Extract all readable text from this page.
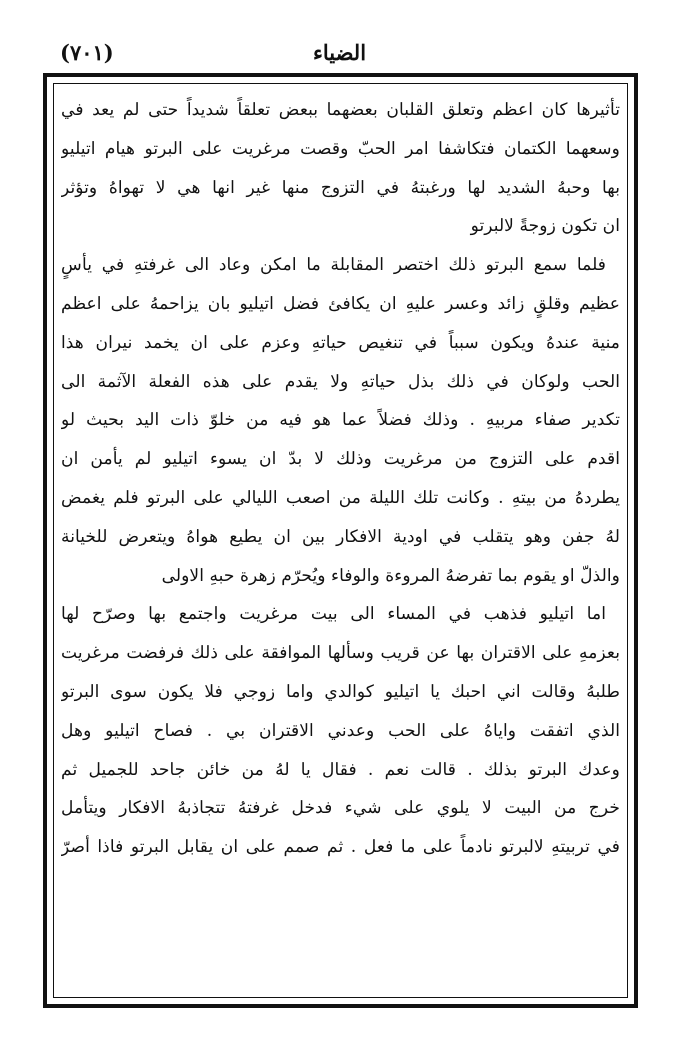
الضياء
(٧٠١)
تأثيرها كان اعظم وتعلق القلبان بعضهما ببعض تعلقاً شديداً حتى لم يعد في
وسعهما الكتمان فتكاشفا امر الحبّ وقصت مرغريت على البرتو هيام اتيليو
بها وحبهُ الشديد لها ورغبتهُ في التزوج منها غير انها هي لا تهواهُ وتؤثر
ان تكون زوجةً لالبرتو
فلما سمع البرتو ذلك اختصر المقابلة ما امكن وعاد الى غرفتهِ في يأسٍ
عظيم وقلقٍ زائد وعسر عليهِ ان يكافئ فضل اتيليو بان يزاحمهُ على اعظم
منية عندهُ ويكون سبباً في تنغيص حياتهِ وعزم على ان يخمد نيران هذا
الحب ولوكان في ذلك بذل حياتهِ ولا يقدم على هذه الفعلة الآثمة الى
تكدير صفاء مربيهِ . وذلك فضلاً عما هو فيه من خلوّ ذات اليد بحيث لو
اقدم على التزوج من مرغريت وذلك لا بدّ ان يسوء اتيليو لم يأمن ان
يطردهُ من بيتهِ . وكانت تلك الليلة من اصعب الليالي على البرتو فلم يغمض
لهُ جفن وهو يتقلب في اودية الافكار بين ان يطيع هواهُ ويتعرض للخيانة
والذلّ او يقوم بما تفرضهُ المروءة والوفاء ويُحرّم زهرة حبهِ الاولى
اما اتيليو فذهب في المساء الى بيت مرغريت واجتمع بها وصرّح لها
بعزمهِ على الاقتران بها عن قريب وسألها الموافقة على ذلك فرفضت مرغريت
طلبهُ وقالت اني احبك يا اتيليو كوالدي واما زوجي فلا يكون سوى البرتو
الذي اتفقت واياهُ على الحب وعدني الاقتران بي . فصاح اتيليو وهل
وعدك البرتو بذلك . قالت نعم . فقال يا لهُ من خائن جاحد للجميل ثم
خرج من البيت لا يلوي على شيء فدخل غرفتهُ تتجاذبهُ الافكار ويتأمل
في تربيتهِ لالبرتو نادماً على ما فعل . ثم صمم على ان يقابل البرتو فاذا أصرّ
